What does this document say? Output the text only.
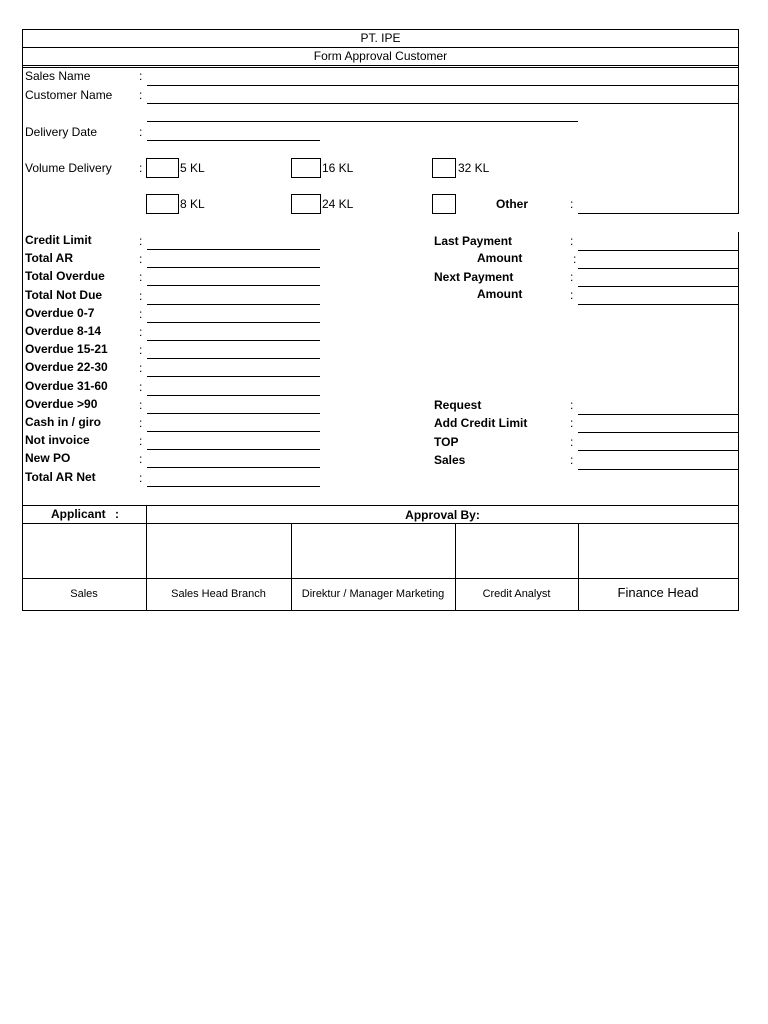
PT. IPE
Form Approval Customer
Sales Name	:
Customer Name :
Delivery Date	:
Volume Delivery :	5 KL	16 KL	32 KL
8 KL	24 KL	Other	:
Credit Limit	:
Total AR	:
Total Overdue	:
Total Not Due	:
Overdue 0-7	:
Overdue 8-14	:
Overdue 15-21	:
Overdue 22-30	:
Overdue 31-60	:
Overdue >90	:
Cash in / giro	:
Not invoice	:
New PO	:
Total AR Net	:
Last Payment	:
Amount	:
Next Payment	:
Amount	:
Request	:
Add Credit Limit	:
TOP	:
Sales	:
Applicant :	Approval By:
Sales	Sales Head Branch	Direktur / Manager Marketing	Credit Analyst	Finance Head
